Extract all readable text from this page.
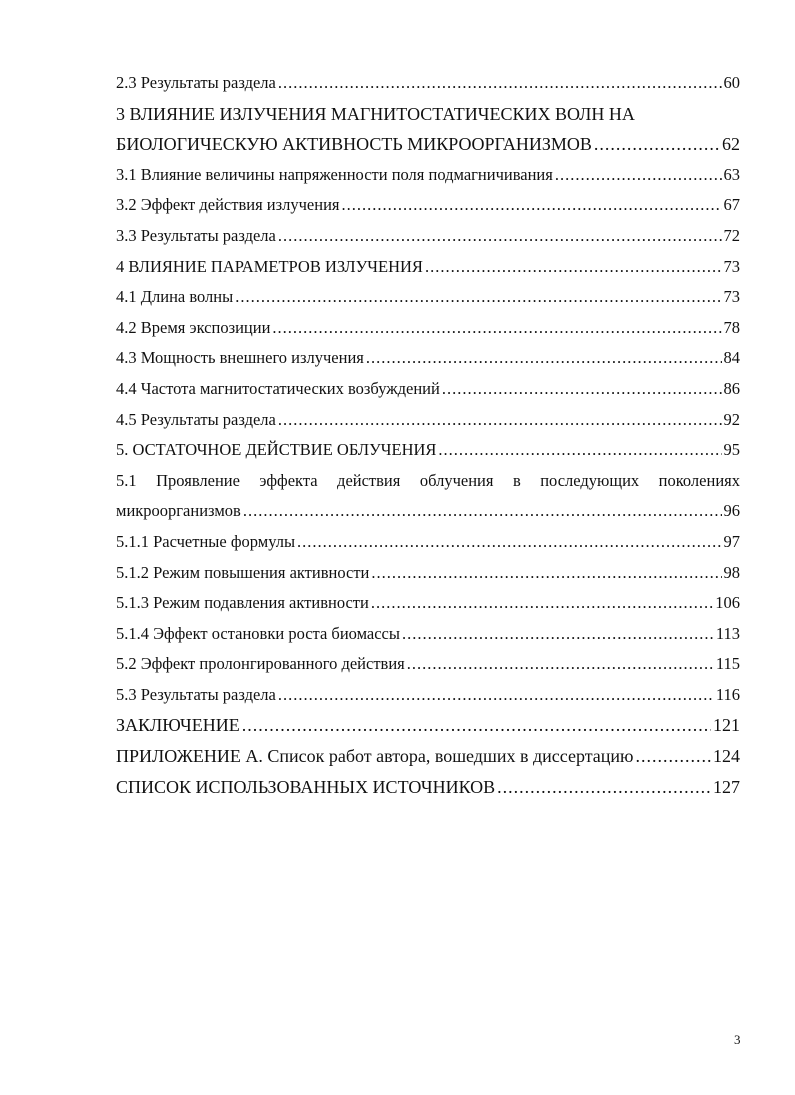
2.3 Результаты раздела .....	60
3 ВЛИЯНИЕ ИЗЛУЧЕНИЯ МАГНИТОСТАТИЧЕСКИХ ВОЛН НА
БИОЛОГИЧЕСКУЮ АКТИВНОСТЬ МИКРООРГАНИЗМОВ .....	62
3.1 Влияние величины напряженности поля подмагничивания .....	63
3.2 Эффект действия излучения .....	67
3.3 Результаты раздела .....	72
4 ВЛИЯНИЕ ПАРАМЕТРОВ ИЗЛУЧЕНИЯ .....	73
4.1 Длина волны .....	73
4.2 Время экспозиции .....	78
4.3 Мощность внешнего излучения .....	84
4.4 Частота магнитостатических возбуждений .....	86
4.5 Результаты раздела .....	92
5. ОСТАТОЧНОЕ ДЕЙСТВИЕ ОБЛУЧЕНИЯ .....	95
5.1 Проявление эффекта действия облучения в последующих поколениях
микроорганизмов .....	96
5.1.1 Расчетные формулы .....	97
5.1.2 Режим повышения активности .....	98
5.1.3 Режим подавления активности .....	106
5.1.4 Эффект остановки роста биомассы .....	113
5.2 Эффект пролонгированного действия .....	115
5.3 Результаты раздела .....	116
ЗАКЛЮЧЕНИЕ .....	121
ПРИЛОЖЕНИЕ А. Список работ автора, вошедших в диссертацию .....	124
СПИСОК ИСПОЛЬЗОВАННЫХ ИСТОЧНИКОВ .....	127
3
